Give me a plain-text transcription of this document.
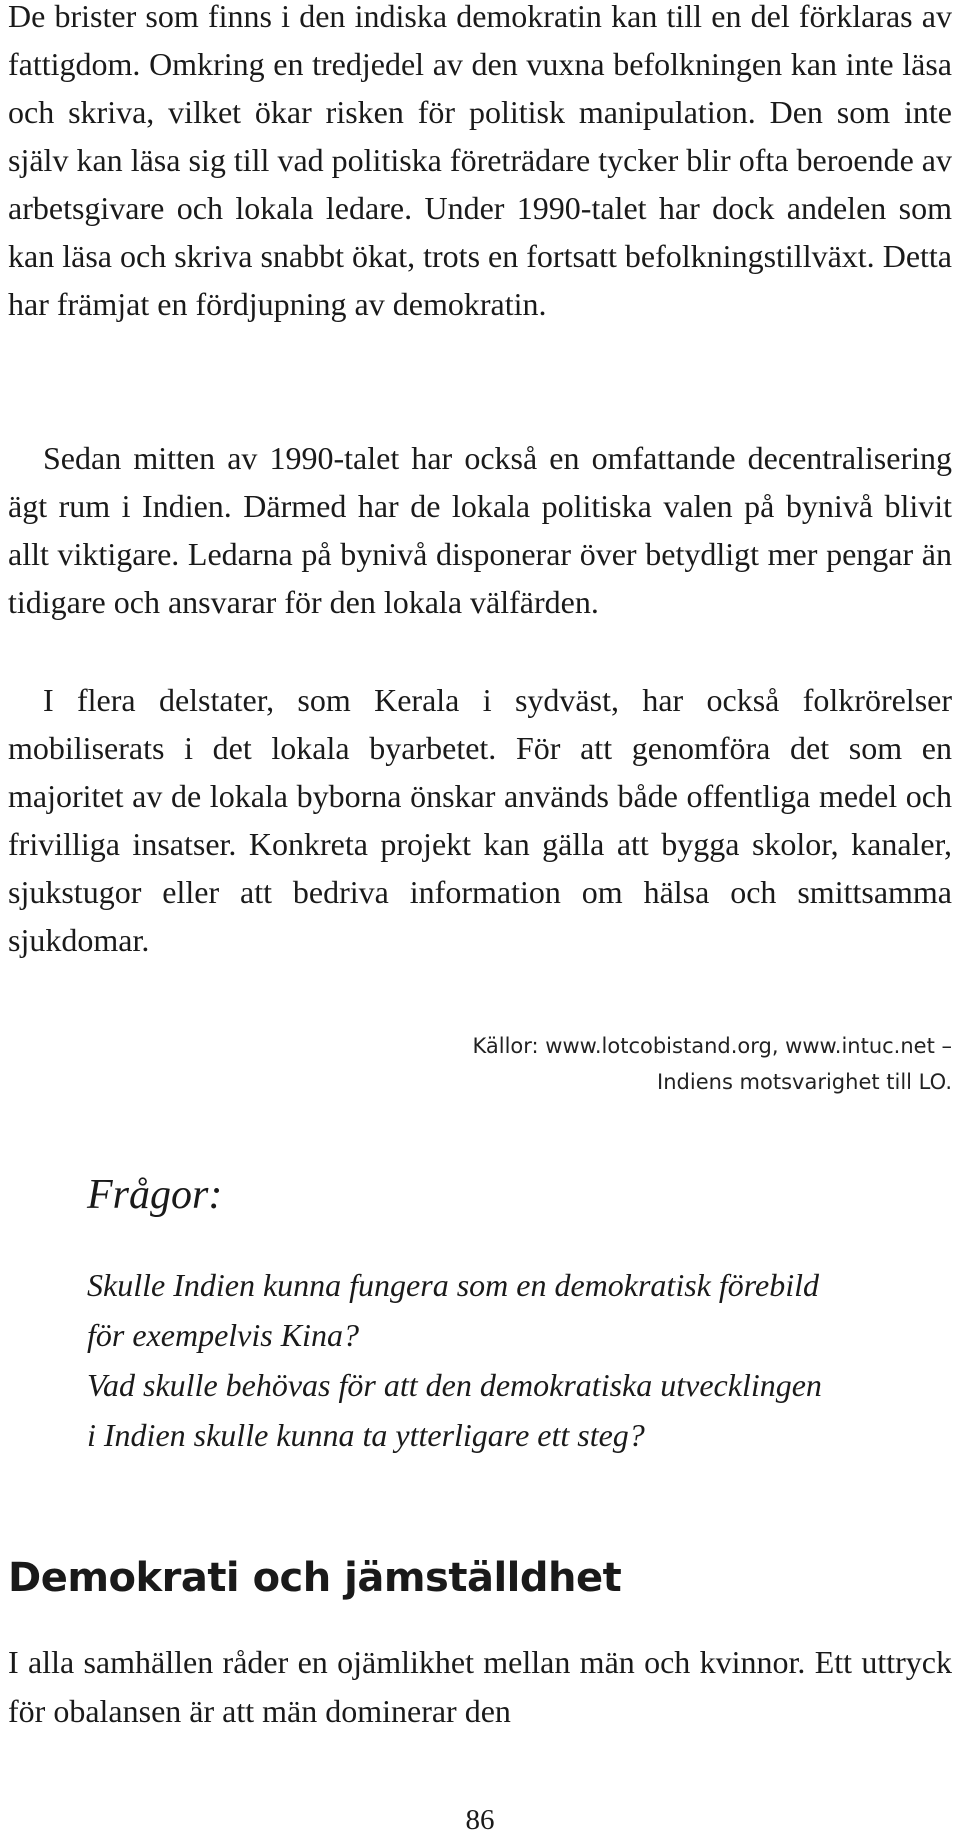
De brister som finns i den indiska demokratin kan till en del förklaras av fattigdom. Omkring en tredjedel av den vuxna befolkningen kan inte läsa och skriva, vilket ökar risken för politisk manipulation. Den som inte själv kan läsa sig till vad politiska företrädare tycker blir ofta beroende av arbetsgivare och lokala ledare. Under 1990-talet har dock andelen som kan läsa och skriva snabbt ökat, trots en fortsatt befolkningstillväxt. Detta har främjat en fördjupning av demokratin.

Sedan mitten av 1990-talet har också en omfattande decentralisering ägt rum i Indien. Därmed har de lokala politiska valen på bynivå blivit allt viktigare. Ledarna på bynivå disponerar över betydligt mer pengar än tidigare och ansvarar för den lokala välfärden.

I flera delstater, som Kerala i sydväst, har också folkrörelser mobiliserats i det lokala byarbetet. För att genomföra det som en majoritet av de lokala byborna önskar används både offentliga medel och frivilliga insatser. Konkreta projekt kan gälla att bygga skolor, kanaler, sjukstugor eller att bedriva information om hälsa och smittsamma sjukdomar.

Källor: www.lotcobistand.org, www.intuc.net –
Indiens motsvarighet till LO.
Frågor:
Skulle Indien kunna fungera som en demokratisk förebild
för exempelvis Kina?
Vad skulle behövas för att den demokratiska utvecklingen
i Indien skulle kunna ta ytterligare ett steg?
Demokrati och jämställdhet

I alla samhällen råder en ojämlikhet mellan män och kvinnor. Ett uttryck för obalansen är att män dominerar den

86
